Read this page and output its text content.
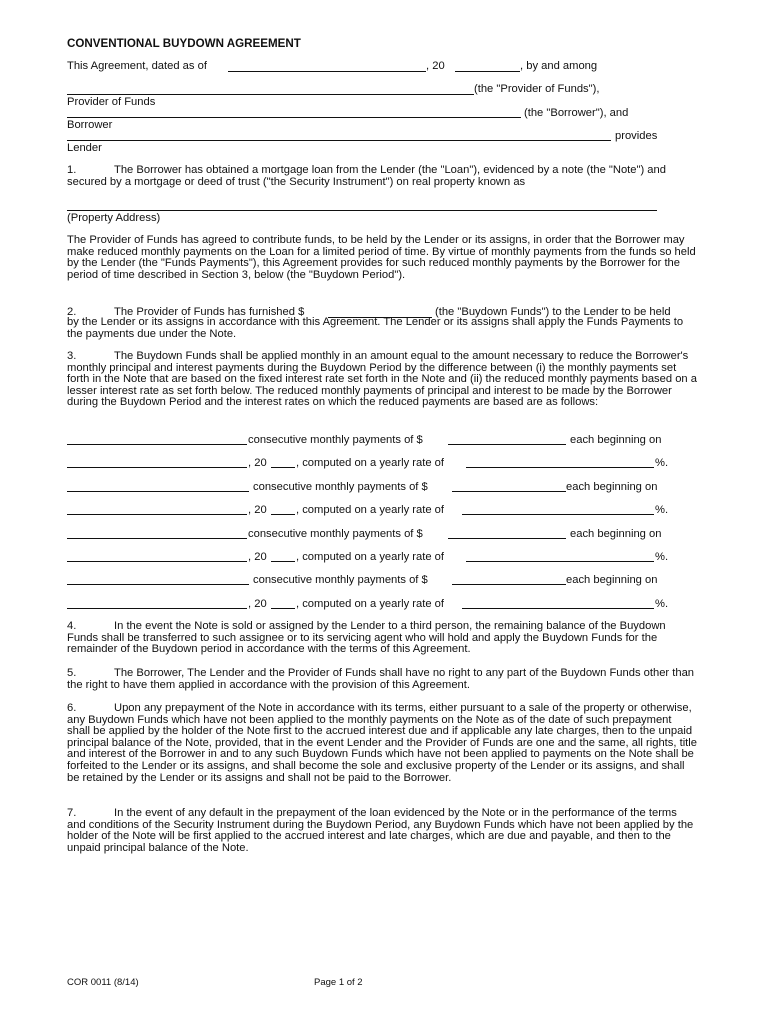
CONVENTIONAL BUYDOWN AGREEMENT
This Agreement, dated as of	, 20	, by and among
(the "Provider of Funds"),
Provider of Funds
(the "Borrower"), and
Borrower
provides
Lender
1.	The Borrower has obtained a mortgage loan from the Lender (the "Loan"), evidenced by a note (the "Note") and secured by a mortgage or deed of trust ("the Security Instrument") on real property known as
(Property Address)
The Provider of Funds has agreed to contribute funds, to be held by the Lender or its assigns, in order that the Borrower may make reduced monthly payments on the Loan for a limited period of time. By virtue of monthly payments from the funds so held by the Lender (the "Funds Payments"), this Agreement provides for such reduced monthly payments by the Borrower for the period of time described in Section 3, below (the "Buydown Period").
2.	The Provider of Funds has furnished $	(the "Buydown Funds") to the Lender to be held
by the Lender or its assigns in accordance with this Agreement. The Lender or its assigns shall apply the Funds Payments to the payments due under the Note.
3.	The Buydown Funds shall be applied monthly in an amount equal to the amount necessary to reduce the Borrower's monthly principal and interest payments during the Buydown Period by the difference between (i) the monthly payments set forth in the Note that are based on the fixed interest rate set forth in the Note and (ii) the reduced monthly payments based on a lesser interest rate as set forth below. The reduced monthly payments of principal and interest to be made by the Borrower during the Buydown Period and the interest rates on which the reduced payments are based are as follows:
consecutive monthly payments of $	each beginning on
, 20	, computed on a yearly rate of	%.
consecutive monthly payments of $	each beginning on
, 20	, computed on a yearly rate of	%.
consecutive monthly payments of $	each beginning on
, 20	, computed on a yearly rate of	%.
consecutive monthly payments of $	each beginning on
, 20	, computed on a yearly rate of	%.
4.	In the event the Note is sold or assigned by the Lender to a third person, the remaining balance of the Buydown Funds shall be transferred to such assignee or to its servicing agent who will hold and apply the Buydown Funds for the remainder of the Buydown period in accordance with the terms of this Agreement.
5.	The Borrower, The Lender and the Provider of Funds shall have no right to any part of the Buydown Funds other than the right to have them applied in accordance with the provision of this Agreement.
6.	Upon any prepayment of the Note in accordance with its terms, either pursuant to a sale of the property or otherwise, any Buydown Funds which have not been applied to the monthly payments on the Note as of the date of such prepayment shall be applied by the holder of the Note first to the accrued interest due and if applicable any late charges, then to the unpaid principal balance of the Note, provided, that in the event Lender and the Provider of Funds are one and the same, all rights, title and interest of the Borrower in and to any such Buydown Funds which have not been applied to payments on the Note shall be forfeited to the Lender or its assigns, and shall become the sole and exclusive property of the Lender or its assigns, and shall be retained by the Lender or its assigns and shall not be paid to the Borrower.
7.	In the event of any default in the prepayment of the loan evidenced by the Note or in the performance of the terms and conditions of the Security Instrument during the Buydown Period, any Buydown Funds which have not been applied by the holder of the Note will be first applied to the accrued interest and late charges, which are due and payable, and then to the unpaid principal balance of the Note.
COR 0011 (8/14)	Page 1 of 2
